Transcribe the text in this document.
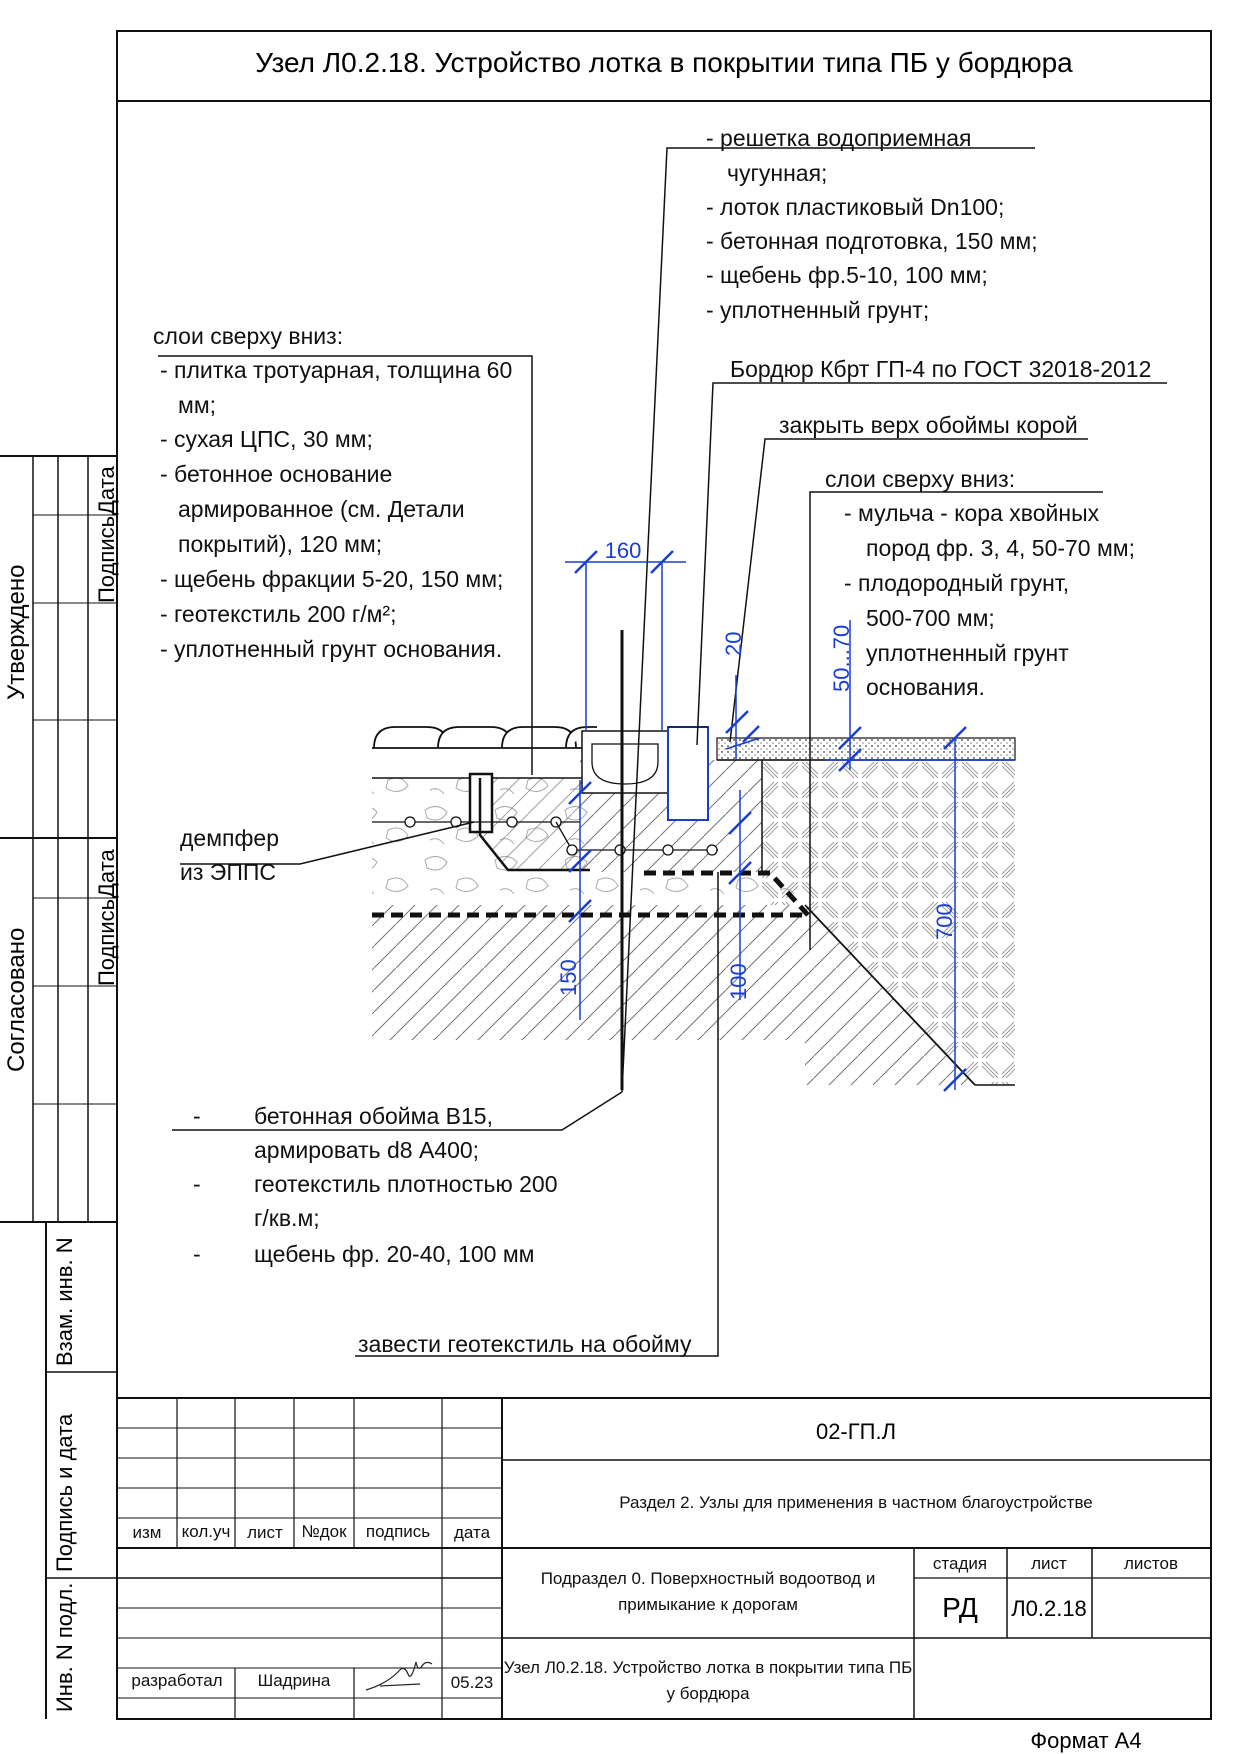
Узел Л0.2.18. Устройство лотка в покрытии типа ПБ у бордюра
Утверждено
Подпись
Дата
Согласовано	Подпись
Дата
Взам. инв. N
Подпись и дата
Инв. N подл.
160
20	50...70
150	100
700
- решетка водоприемная
чугунная;
- лоток пластиковый Dn100;
- бетонная подготовка, 150 мм;
- щебень фр.5-10, 100 мм;
- уплотненный грунт;
Бордюр Кбрт ГП-4 по ГОСТ 32018-2012
закрыть верх обоймы корой
слои сверху вниз:
- мульча - кора хвойных
пород фр. 3, 4, 50-70 мм;
- плодородный грунт,
500-700 мм;
уплотненный грунт
основания.
слои сверху вниз:
- плитка тротуарная, толщина 60
мм;
- сухая ЦПС, 30 мм;
- бетонное основание
армированное (см. Детали
покрытий), 120 мм;
- щебень фракции 5-20, 150 мм;
- геотекстиль 200 г/м²;
- уплотненный грунт основания.
демпфер
из ЭППС
- бетонная обойма В15,
армировать d8 А400;
- геотекстиль плотностью 200
г/кв.м;
- щебень фр. 20-40, 100 мм
завести геотекстиль на обойму
изм кол.уч лист №док подпись дата
02-ГП.Л
Раздел 2. Узлы для применения в частном благоустройстве
Подраздел 0. Поверхностный водоотвод и
примыкание к дорогам
Узел Л0.2.18. Устройство лотка в покрытии типа ПБ
у бордюра
стадия	лист	листов
РД Л0.2.18
разработал Шадрина	05.23
Формат А4
